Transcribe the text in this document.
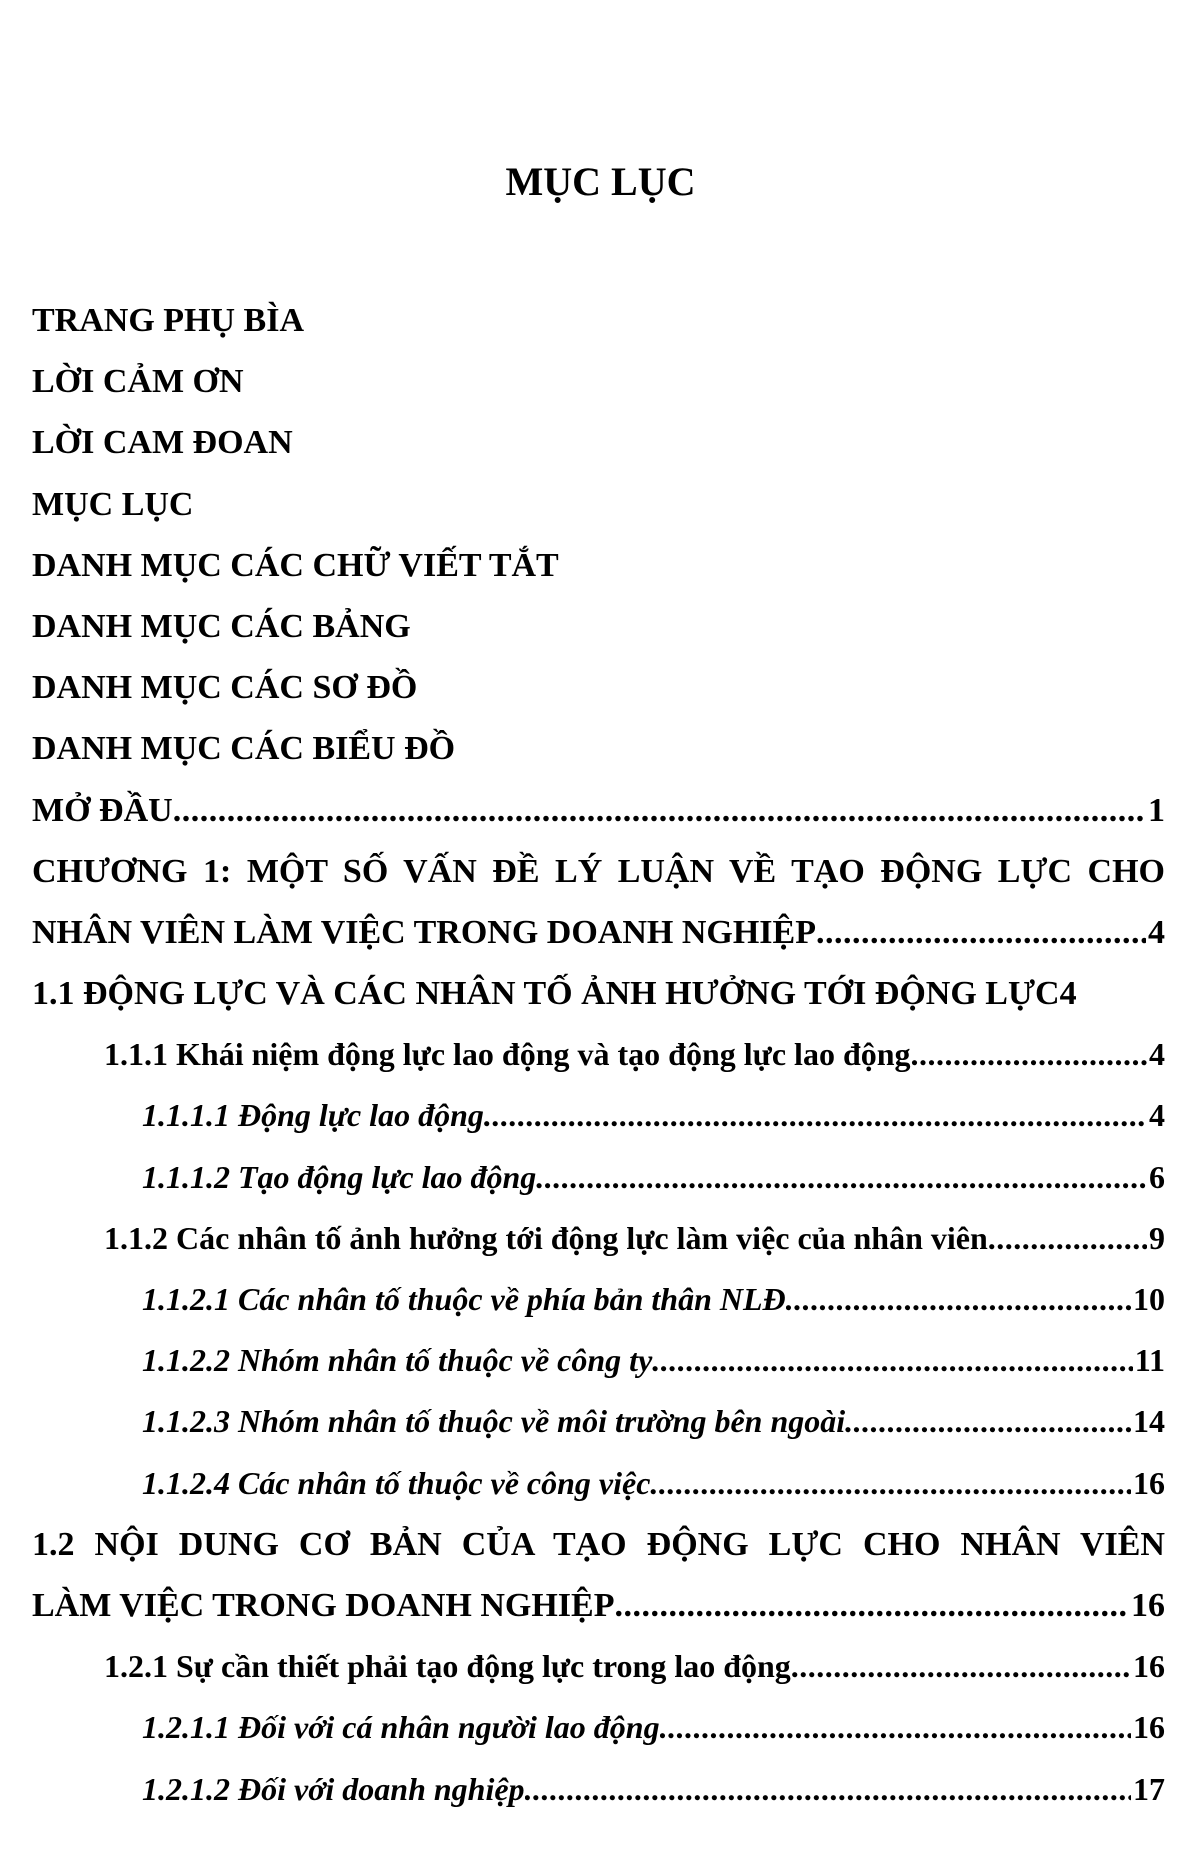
MỤC LỤC
TRANG PHỤ BÌA
LỜI CẢM ƠN
LỜI CAM ĐOAN
MỤC LỤC
DANH MỤC CÁC CHỮ VIẾT TẮT
DANH MỤC CÁC BẢNG
DANH MỤC CÁC SƠ ĐỒ
DANH MỤC CÁC BIỂU ĐỒ
MỞ ĐẦU .....	1
CHƯƠNG 1: MỘT SỐ VẤN ĐỀ LÝ LUẬN VỀ TẠO ĐỘNG LỰC CHO
NHÂN VIÊN LÀM VIỆC TRONG DOANH NGHIỆP .....	4
1.1 ĐỘNG LỰC VÀ CÁC NHÂN TỐ ẢNH HƯỞNG TỚI ĐỘNG LỰC 4
1.1.1 Khái niệm động lực lao động và tạo động lực lao động .....	4
1.1.1.1 Động lực lao động .....	4
1.1.1.2 Tạo động lực lao động .....	6
1.1.2 Các nhân tố ảnh hưởng tới động lực làm việc của nhân viên .....	9
1.1.2.1 Các nhân tố thuộc về phía bản thân NLĐ .....	10
1.1.2.2 Nhóm nhân tố thuộc về công ty .....	11
1.1.2.3 Nhóm nhân tố thuộc về môi trường bên ngoài .....	14
1.1.2.4 Các nhân tố thuộc về công việc .....	16
1.2 NỘI DUNG CƠ BẢN CỦA TẠO ĐỘNG LỰC CHO NHÂN VIÊN
LÀM VIỆC TRONG DOANH NGHIỆP .....	16
1.2.1 Sự cần thiết phải tạo động lực trong lao động .....	16
1.2.1.1 Đối với cá nhân người lao động .....	16
1.2.1.2 Đối với doanh nghiệp .....	17
